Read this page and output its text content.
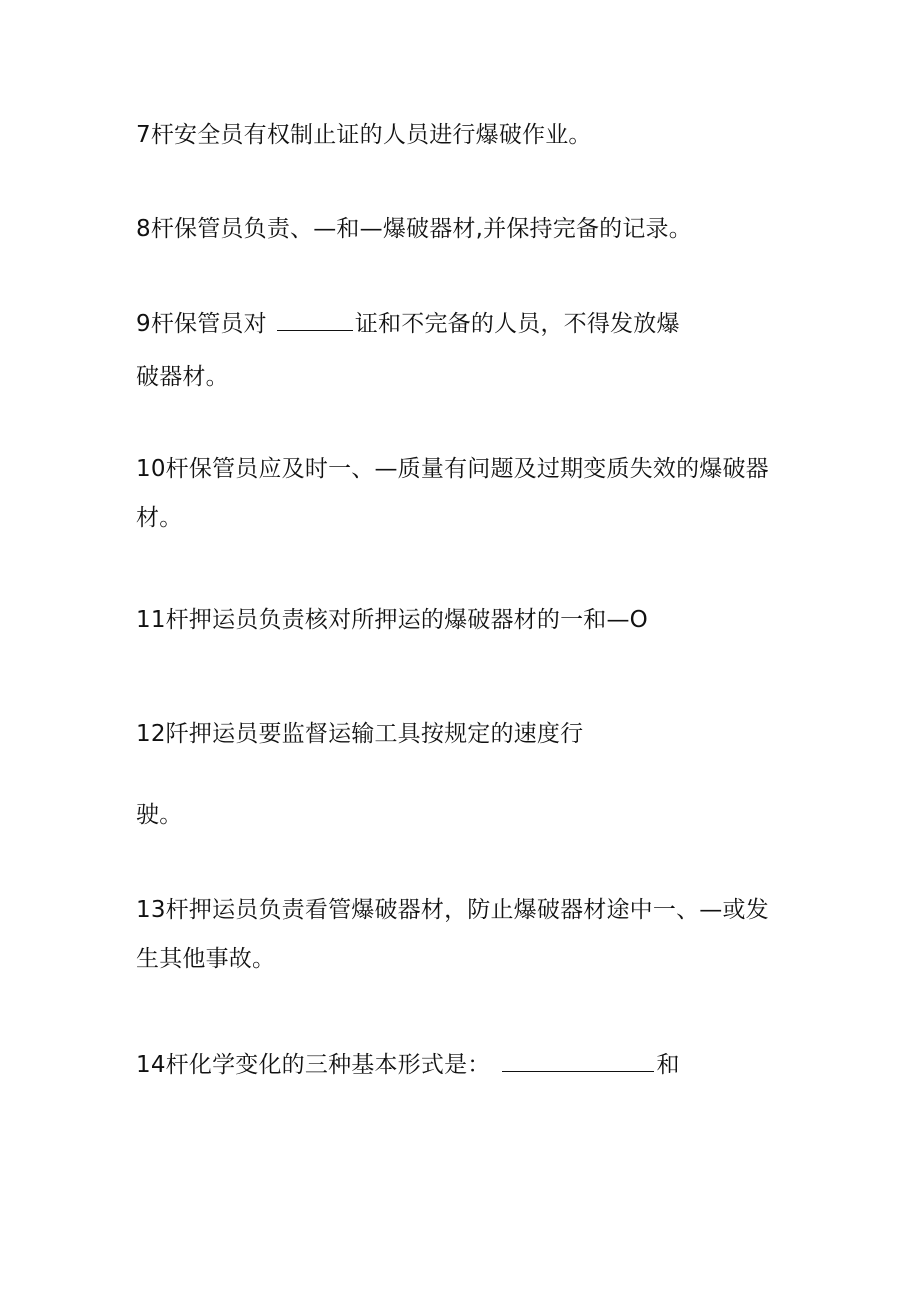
7杆安全员有权制止证的人员进行爆破作业。
8杆保管员负责、—和—爆破器材,并保持完备的记录。
9杆保管员对	证和不完备的人员，不得发放爆
破器材。
10杆保管员应及时一、—质量有问题及过期变质失效的爆破器
材。
11杆押运员负责核对所押运的爆破器材的一和—O
12阡押运员要监督运输工具按规定的速度行
驶。
13杆押运员负责看管爆破器材，防止爆破器材途中一、—或发
生其他事故。
14杆化学变化的三种基本形式是：	和
